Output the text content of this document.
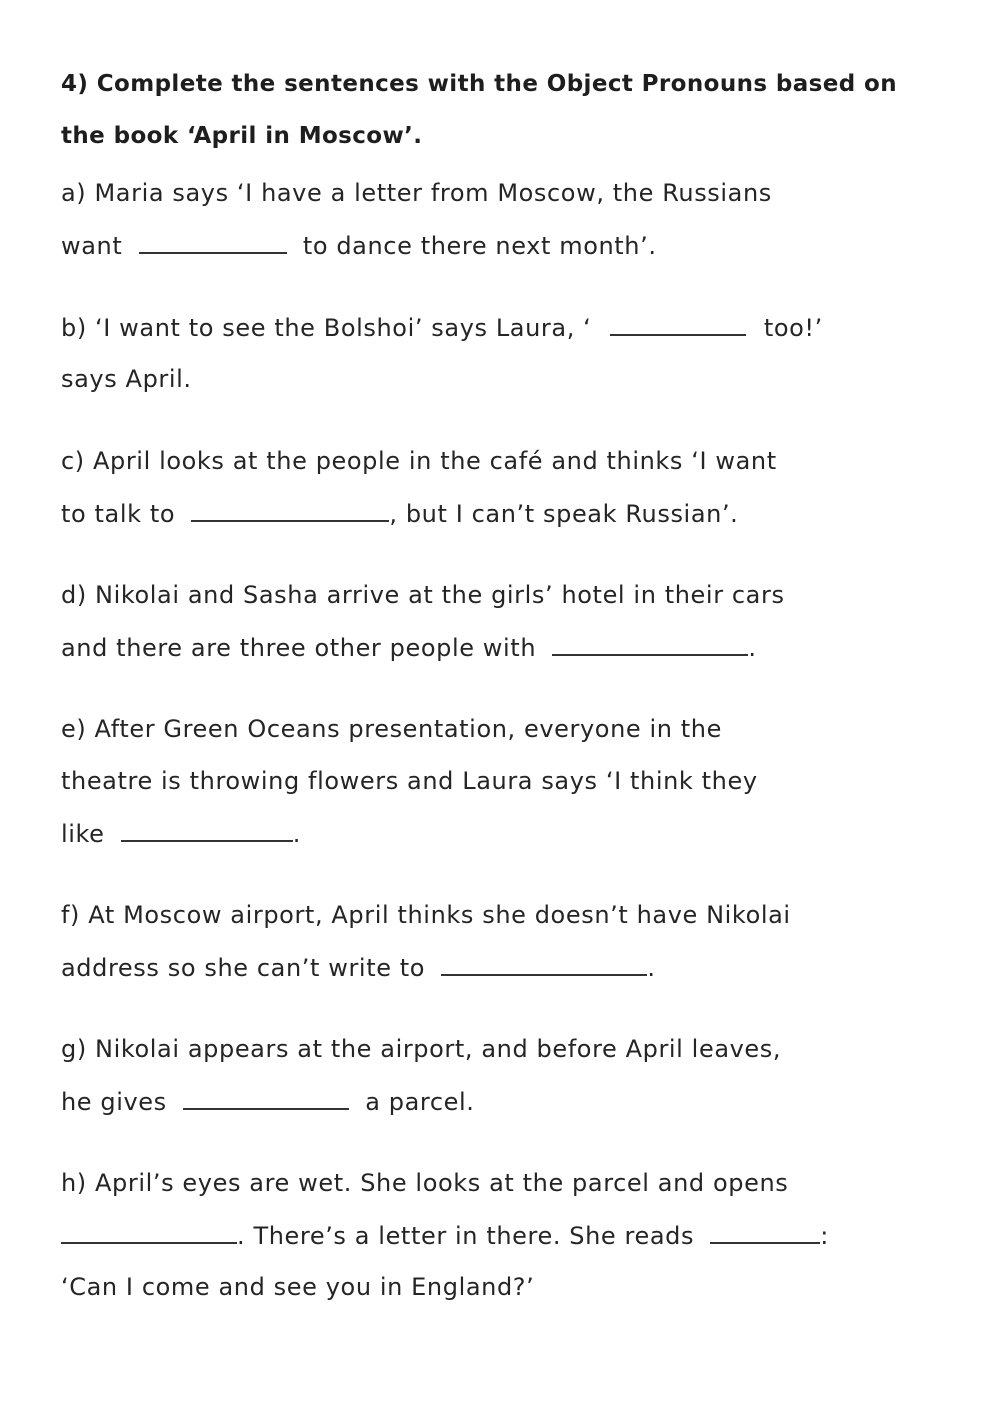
4) Complete the sentences with the Object Pronouns based on the book ‘April in Moscow’.
a) Maria says ‘I have a letter from Moscow, the Russians
want	to dance there next month’.
b) ‘I want to see the Bolshoi’ says Laura, ‘	too!’
says April.
c) April looks at the people in the café and thinks ‘I want
to talk to	, but I can’t speak Russian’.
d) Nikolai and Sasha arrive at the girls’ hotel in their cars
and there are three other people with	.
e) After Green Oceans presentation, everyone in the
theatre is throwing flowers and Laura says ‘I think they
like	.
f) At Moscow airport, April thinks she doesn’t have Nikolai
address so she can’t write to	.
g) Nikolai appears at the airport, and before April leaves,
he gives	a parcel.
h) April’s eyes are wet. She looks at the parcel and opens
. There’s a letter in there. She reads	:
‘Can I come and see you in England?’
